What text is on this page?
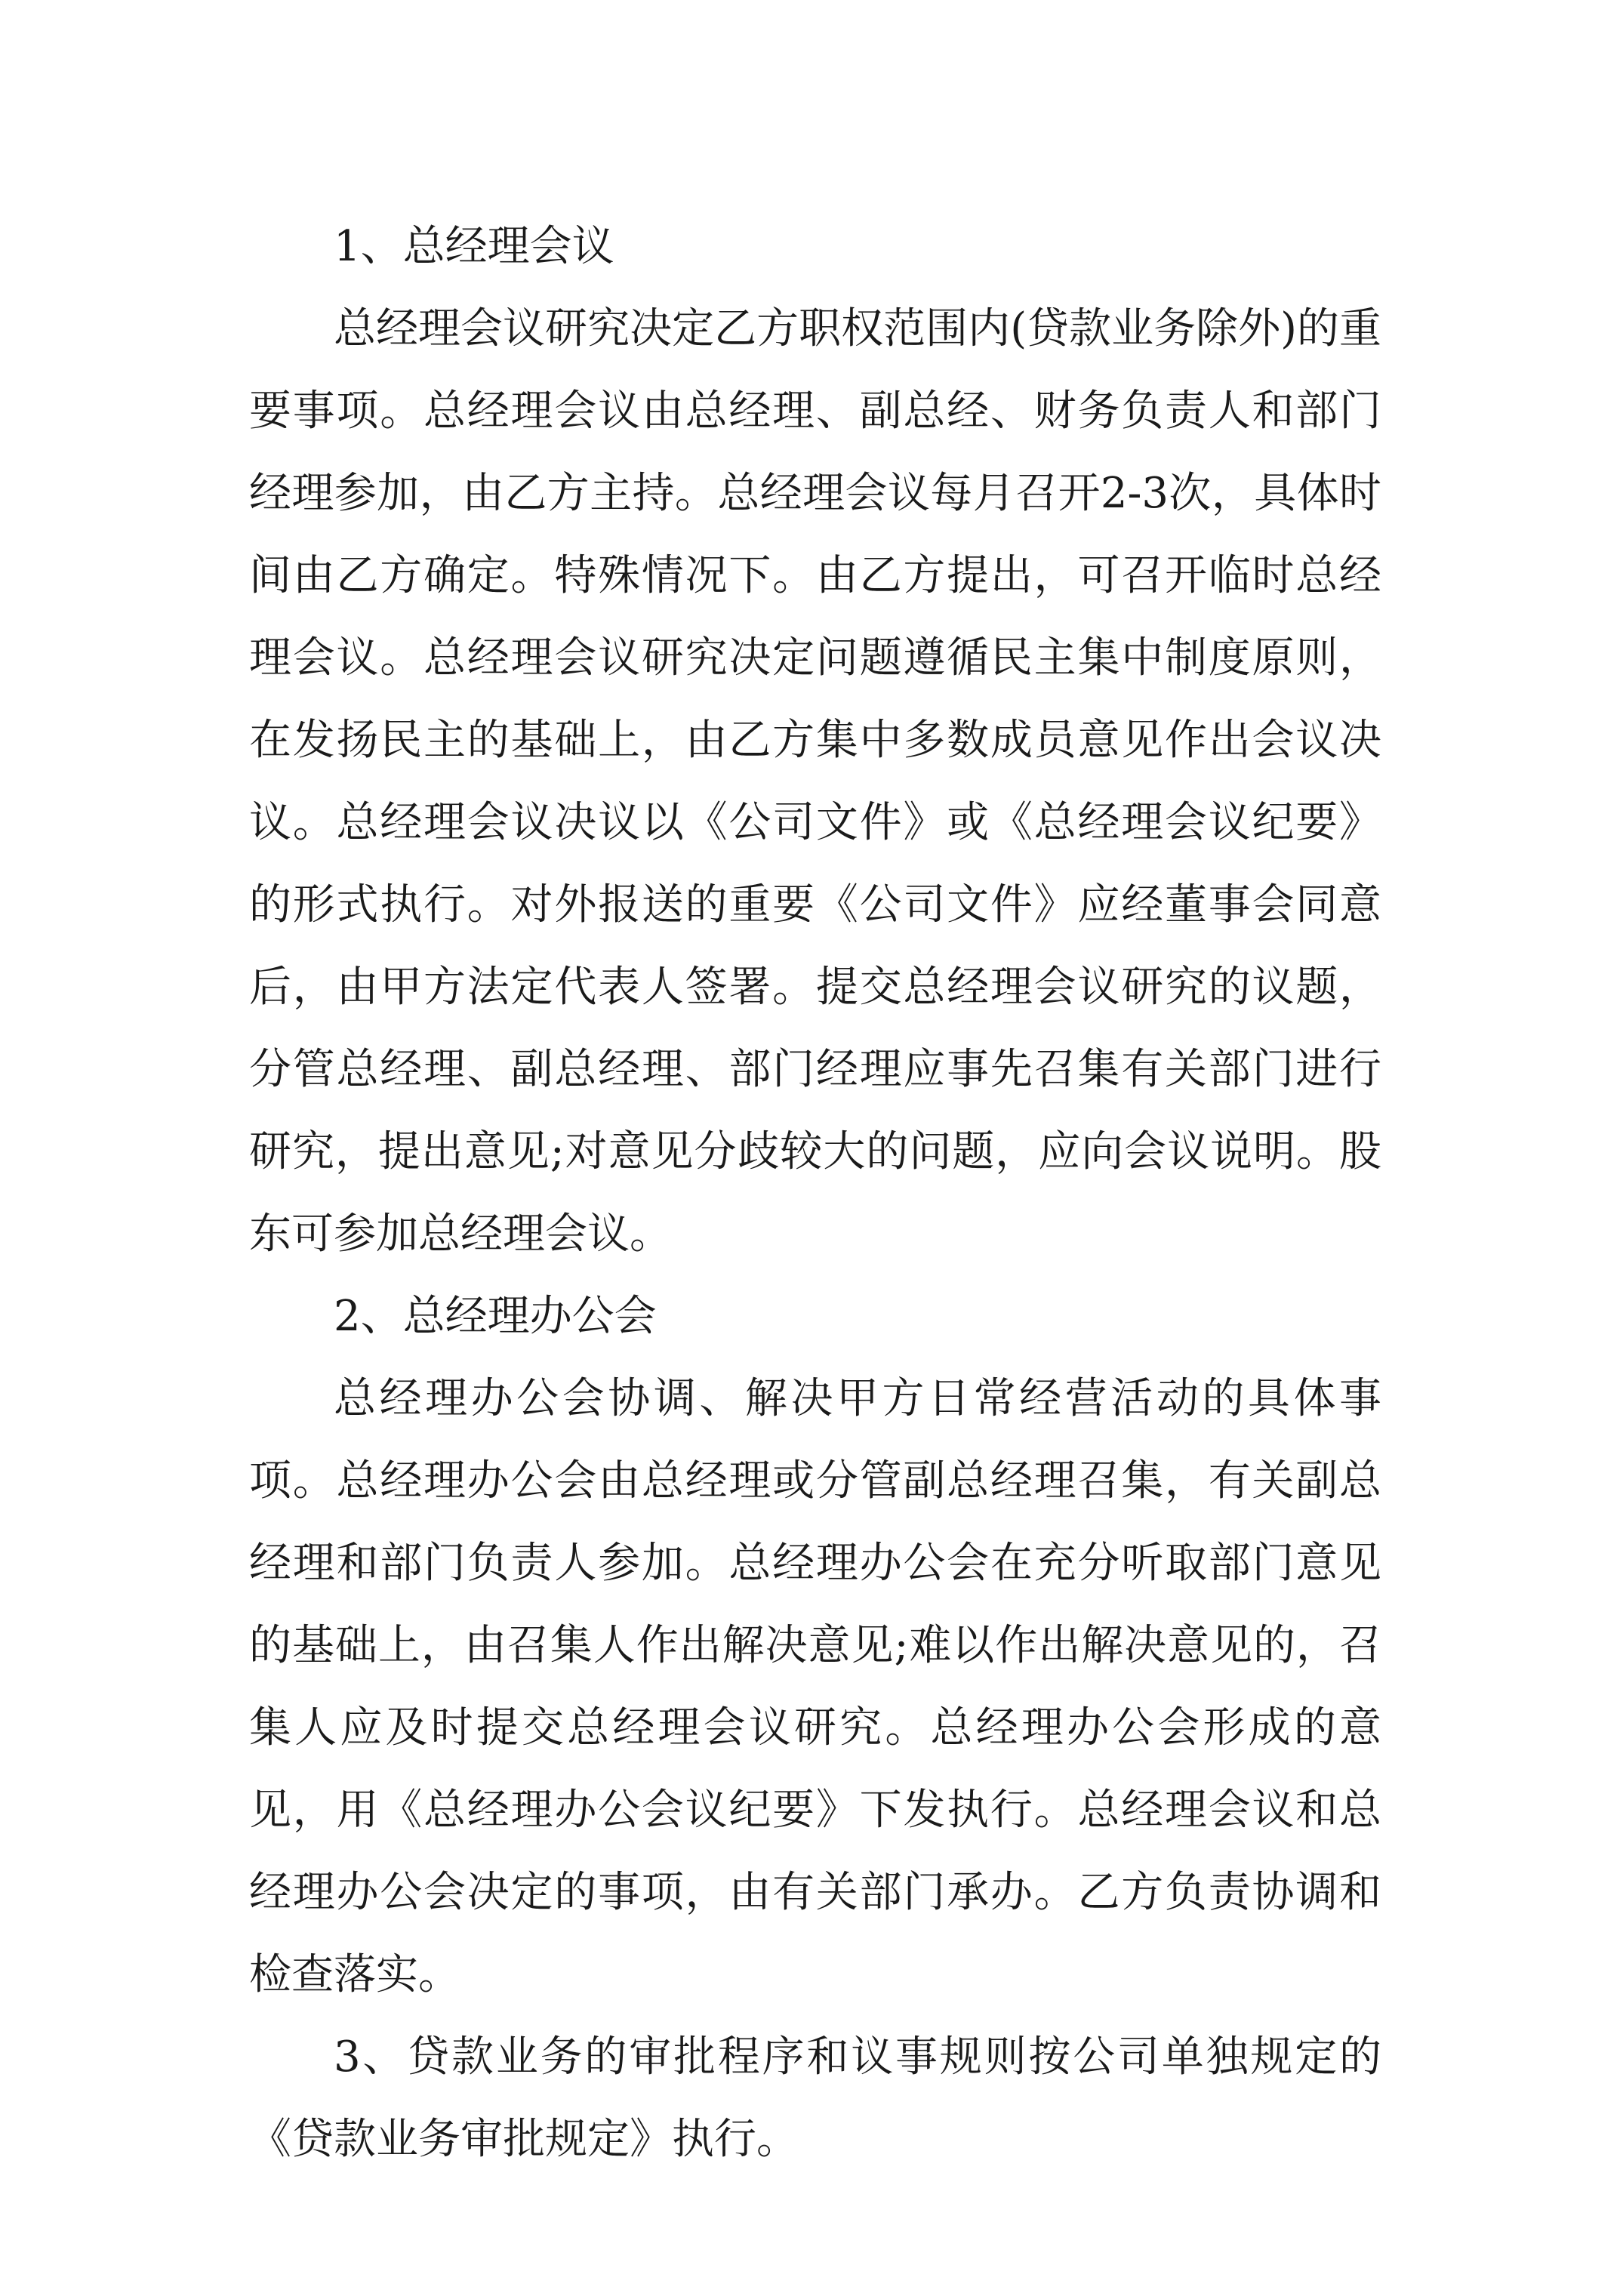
1、总经理会议

总经理会议研究决定乙方职权范围内(贷款业务除外)的重要事项。总经理会议由总经理、副总经、财务负责人和部门经理参加，由乙方主持。总经理会议每月召开2-3次，具体时间由乙方确定。特殊情况下。由乙方提出，可召开临时总经理会议。总经理会议研究决定问题遵循民主集中制度原则，在发扬民主的基础上，由乙方集中多数成员意见作出会议决议。总经理会议决议以《公司文件》或《总经理会议纪要》的形式执行。对外报送的重要《公司文件》应经董事会同意后，由甲方法定代表人签署。提交总经理会议研究的议题，分管总经理、副总经理、部门经理应事先召集有关部门进行研究，提出意见;对意见分歧较大的问题，应向会议说明。股东可参加总经理会议。

2、总经理办公会

总经理办公会协调、解决甲方日常经营活动的具体事项。总经理办公会由总经理或分管副总经理召集，有关副总经理和部门负责人参加。总经理办公会在充分听取部门意见的基础上，由召集人作出解决意见;难以作出解决意见的，召集人应及时提交总经理会议研究。总经理办公会形成的意见，用《总经理办公会议纪要》下发执行。总经理会议和总经理办公会决定的事项，由有关部门承办。乙方负责协调和检查落实。

3、贷款业务的审批程序和议事规则按公司单独规定的《贷款业务审批规定》执行。
